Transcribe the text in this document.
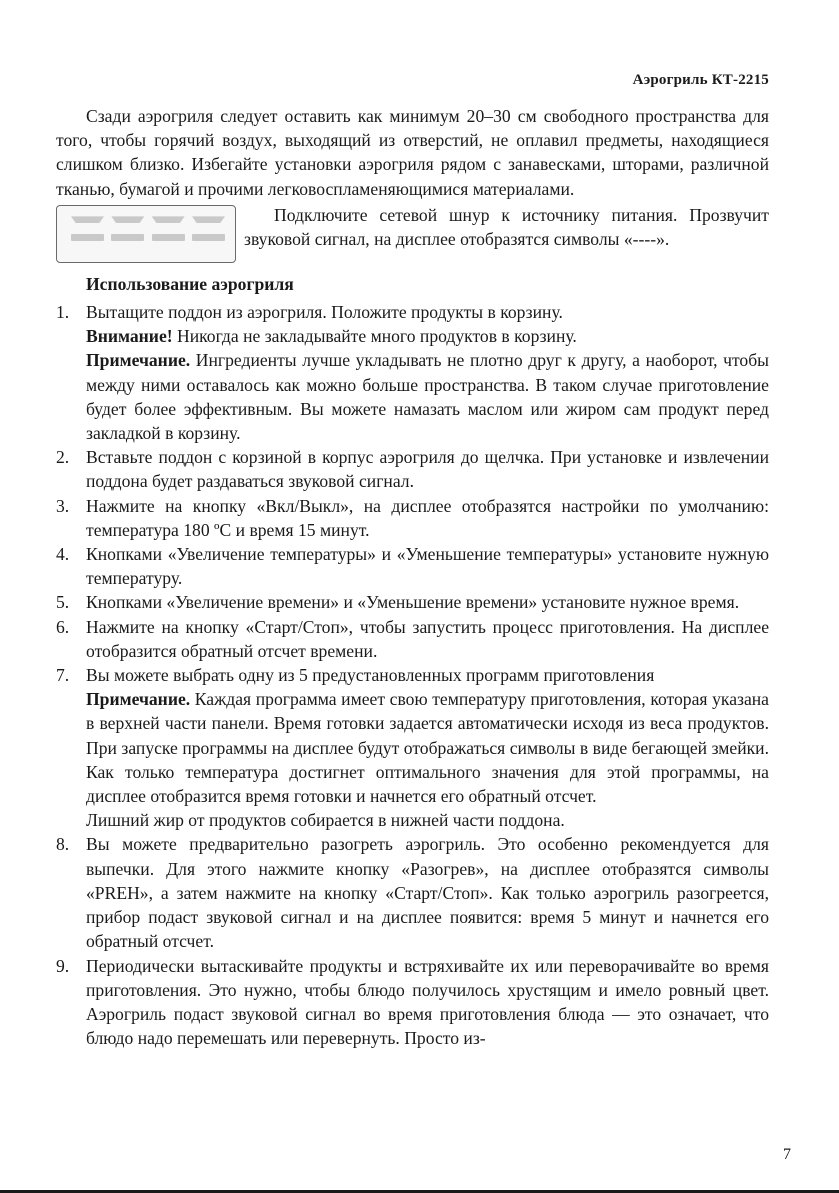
Аэрогриль КТ-2215

Сзади аэрогриля следует оставить как минимум 20–30 см свободного пространства для того, чтобы горячий воздух, выходящий из отверстий, не оплавил предметы, находящиеся слишком близко. Избегайте установки аэрогриля рядом с занавесками, шторами, различной тканью, бумагой и прочими легковоспламеняющимися материалами.

Подключите сетевой шнур к источнику питания. Прозвучит звуковой сигнал, на дисплее отобразятся символы «----».

Использование аэрогриля

1. Вытащите поддон из аэрогриля. Положите продукты в корзину.
Внимание! Никогда не закладывайте много продуктов в корзину.
Примечание. Ингредиенты лучше укладывать не плотно друг к другу, а наоборот, чтобы между ними оставалось как можно больше пространства. В таком случае приготовление будет более эффективным. Вы можете намазать маслом или жиром сам продукт перед закладкой в корзину.
2. Вставьте поддон с корзиной в корпус аэрогриля до щелчка. При установке и извлечении поддона будет раздаваться звуковой сигнал.
3. Нажмите на кнопку «Вкл/Выкл», на дисплее отобразятся настройки по умолчанию: температура 180 ºС и время 15 минут.
4. Кнопками «Увеличение температуры» и «Уменьшение температуры» установите нужную температуру.
5. Кнопками «Увеличение времени» и «Уменьшение времени» установите нужное время.
6. Нажмите на кнопку «Старт/Стоп», чтобы запустить процесс приготовления. На дисплее отобразится обратный отсчет времени.
7. Вы можете выбрать одну из 5 предустановленных программ приготовления
Примечание. Каждая программа имеет свою температуру приготовления, которая указана в верхней части панели. Время готовки задается автоматически исходя из веса продуктов. При запуске программы на дисплее будут отображаться символы в виде бегающей змейки. Как только температура достигнет оптимального значения для этой программы, на дисплее отобразится время готовки и начнется его обратный отсчет.
Лишний жир от продуктов собирается в нижней части поддона.
8. Вы можете предварительно разогреть аэрогриль. Это особенно рекомендуется для выпечки. Для этого нажмите кнопку «Разогрев», на дисплее отобразятся символы «PREH», а затем нажмите на кнопку «Старт/Стоп». Как только аэрогриль разогреется, прибор подаст звуковой сигнал и на дисплее появится: время 5 минут и начнется его обратный отсчет.
9. Периодически вытаскивайте продукты и встряхивайте их или переворачивайте во время приготовления. Это нужно, чтобы блюдо получилось хрустящим и имело ровный цвет. Аэрогриль подаст звуковой сигнал во время приготовления блюда — это означает, что блюдо надо перемешать или перевернуть. Просто из-
7
